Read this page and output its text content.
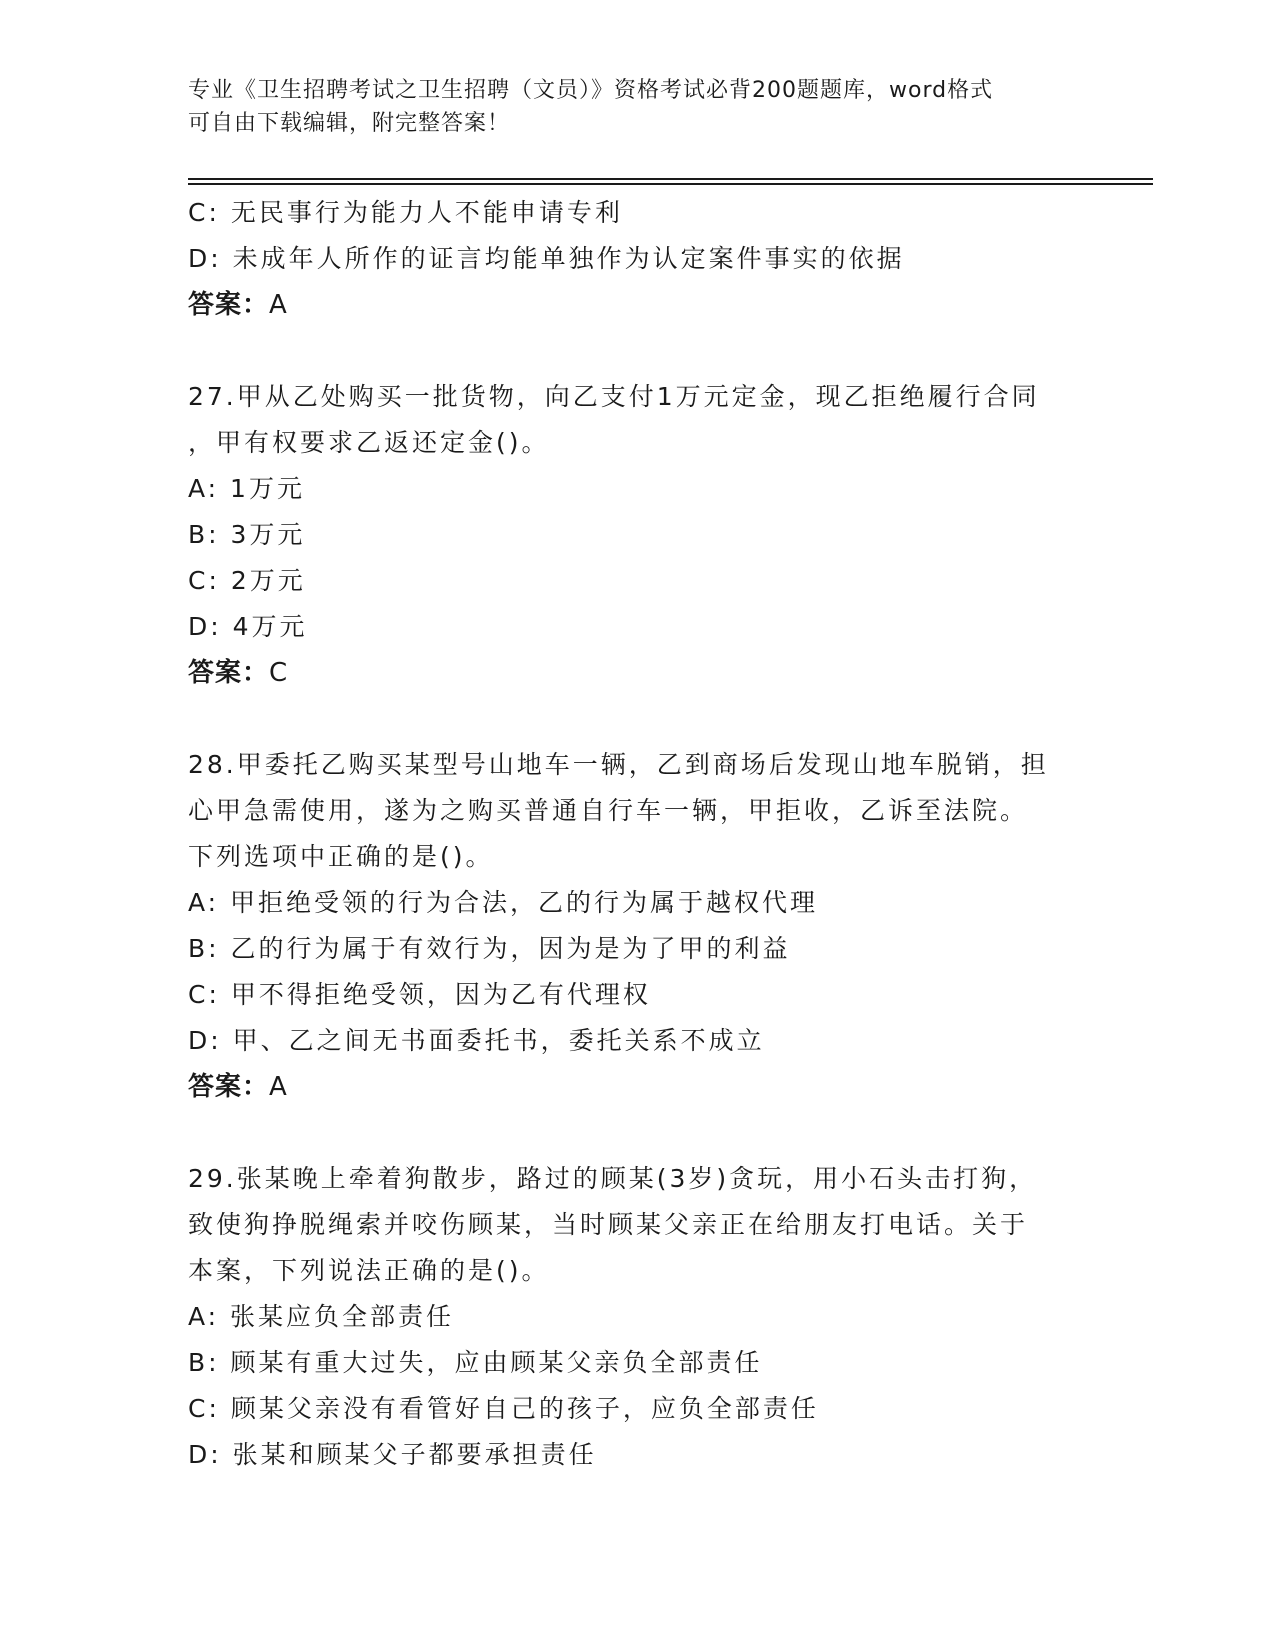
专业《卫生招聘考试之卫生招聘（文员）》资格考试必背200题题库，word格式
可自由下载编辑，附完整答案！
C: 无民事行为能力人不能申请专利
D: 未成年人所作的证言均能单独作为认定案件事实的依据
答案：A
27.甲从乙处购买一批货物，向乙支付1万元定金，现乙拒绝履行合同
，甲有权要求乙返还定金()。
A: 1万元
B: 3万元
C: 2万元
D: 4万元
答案：C
28.甲委托乙购买某型号山地车一辆，乙到商场后发现山地车脱销，担
心甲急需使用，遂为之购买普通自行车一辆，甲拒收，乙诉至法院。
下列选项中正确的是()。
A: 甲拒绝受领的行为合法，乙的行为属于越权代理
B: 乙的行为属于有效行为，因为是为了甲的利益
C: 甲不得拒绝受领，因为乙有代理权
D: 甲、乙之间无书面委托书，委托关系不成立
答案：A
29.张某晚上牵着狗散步，路过的顾某(3岁)贪玩，用小石头击打狗，
致使狗挣脱绳索并咬伤顾某，当时顾某父亲正在给朋友打电话。关于
本案，下列说法正确的是()。
A: 张某应负全部责任
B: 顾某有重大过失，应由顾某父亲负全部责任
C: 顾某父亲没有看管好自己的孩子，应负全部责任
D: 张某和顾某父子都要承担责任
